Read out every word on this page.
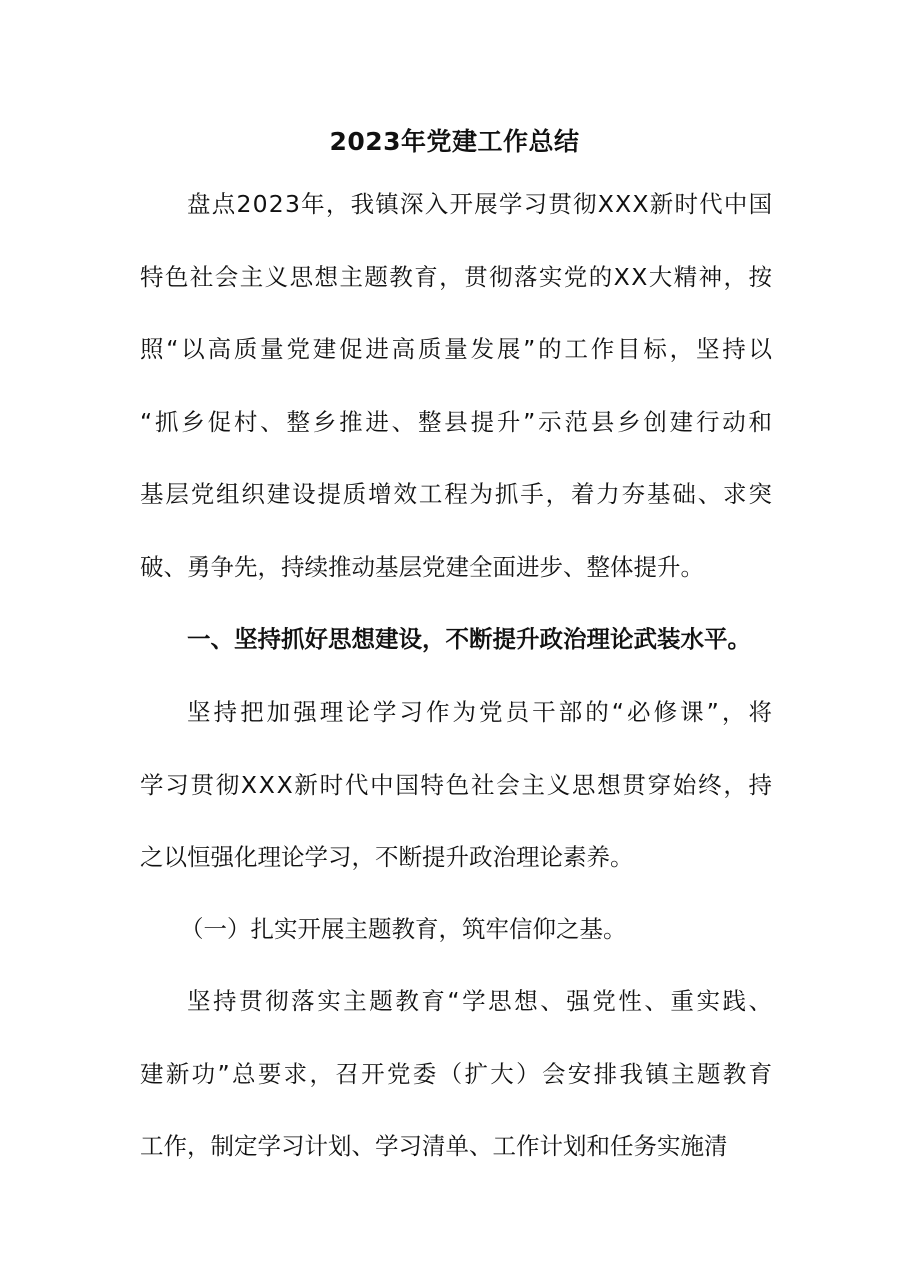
2023年党建工作总结
盘点2023年，我镇深入开展学习贯彻XXX新时代中国
特色社会主义思想主题教育，贯彻落实党的XX大精神，按
照“以高质量党建促进高质量发展”的工作目标，坚持以
“抓乡促村、整乡推进、整县提升”示范县乡创建行动和
基层党组织建设提质增效工程为抓手，着力夯基础、求突
破、勇争先，持续推动基层党建全面进步、整体提升。
一、坚持抓好思想建设，不断提升政治理论武装水平。
坚持把加强理论学习作为党员干部的“必修课”，将
学习贯彻XXX新时代中国特色社会主义思想贯穿始终，持
之以恒强化理论学习，不断提升政治理论素养。
（一）扎实开展主题教育，筑牢信仰之基。
坚持贯彻落实主题教育“学思想、强党性、重实践、
建新功”总要求，召开党委（扩大）会安排我镇主题教育
工作，制定学习计划、学习清单、工作计划和任务实施清
